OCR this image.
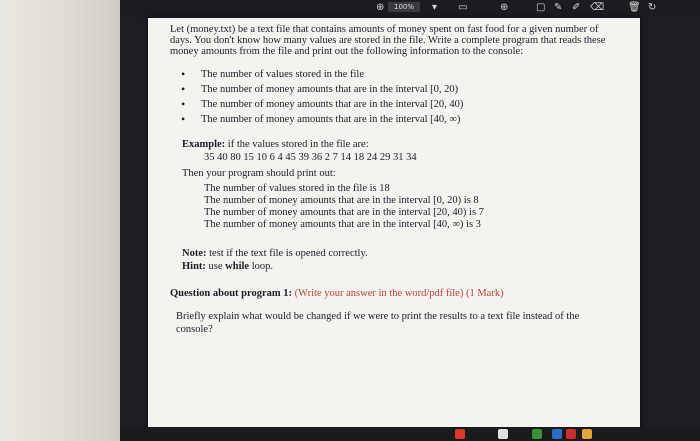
⊕	100%	▾ ▭	⊕	▢ ✎ ✐ ⌫ 🗑 ↻

Let (money.txt) be a text file that contains amounts of money spent on fast food for a given number of days. You don't know how many values are stored in the file. Write a complete program that reads these money amounts from the file and print out the following information to the console:

• The number of values stored in the file
• The number of money amounts that are in the interval [0, 20)
• The number of money amounts that are in the interval [20, 40)
• The number of money amounts that are in the interval [40, ∞)
Example: if the values stored in the file are:
35 40 80 15 10 6 4 45 39 36 2 7 14 18 24 29 31 34
Then your program should print out:
The number of values stored in the file is 18
The number of money amounts that are in the interval [0, 20) is 8
The number of money amounts that are in the interval [20, 40) is 7
The number of money amounts that are in the interval [40, ∞) is 3
Note: test if the text file is opened correctly.
Hint: use while loop.
Question about program 1: (Write your answer in the word/pdf file) (1 Mark)
Briefly explain what would be changed if we were to print the results to a text file instead of the console?
